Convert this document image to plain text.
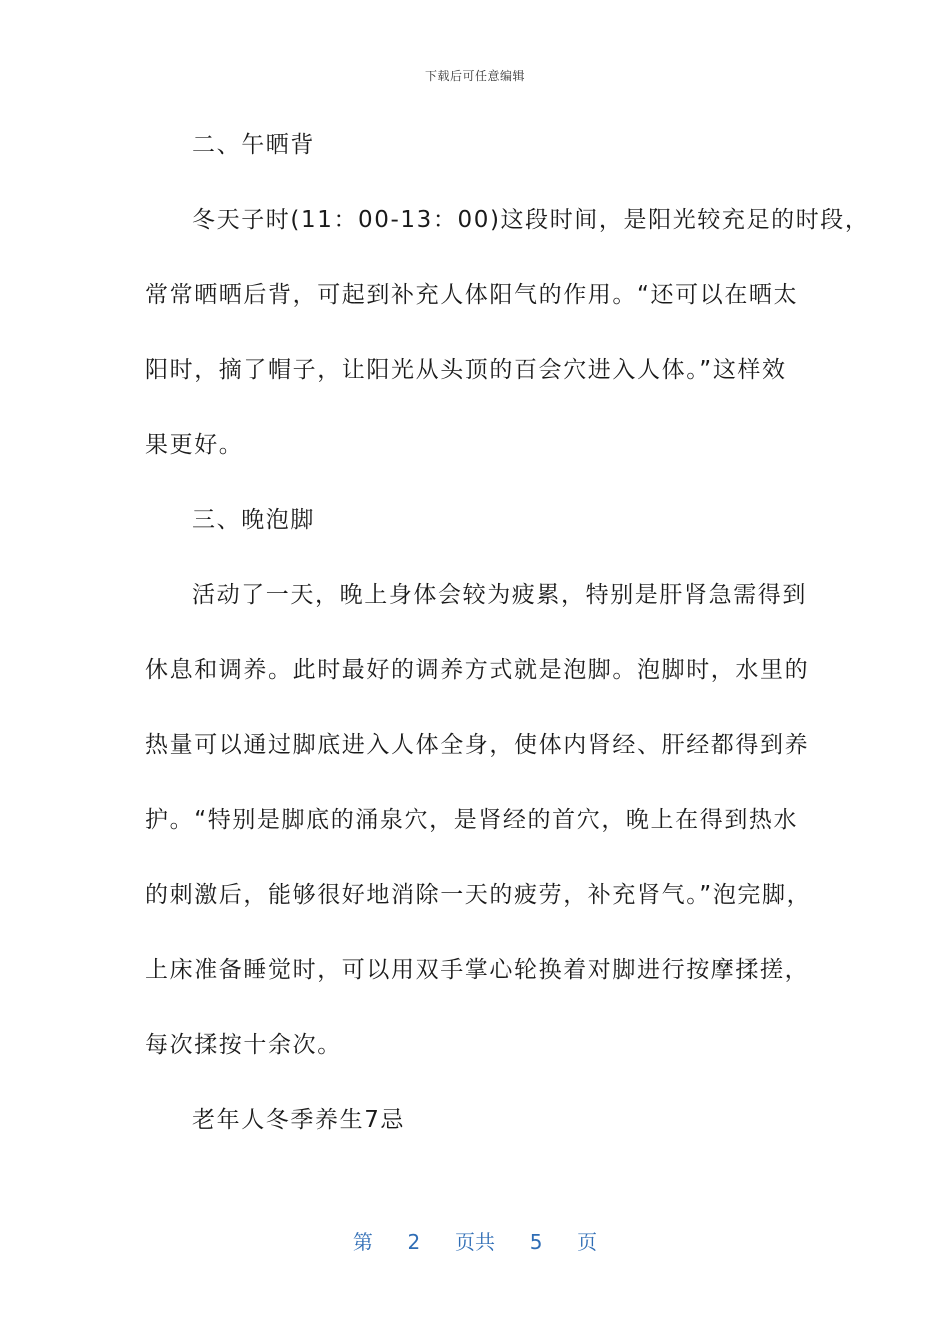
下载后可任意编辑
二、午晒背
冬天子时(11：00-13：00)这段时间，是阳光较充足的时段，
常常晒晒后背，可起到补充人体阳气的作用。“还可以在晒太
阳时，摘了帽子，让阳光从头顶的百会穴进入人体。”这样效
果更好。
三、晚泡脚
活动了一天，晚上身体会较为疲累，特别是肝肾急需得到
休息和调养。此时最好的调养方式就是泡脚。泡脚时，水里的
热量可以通过脚底进入人体全身，使体内肾经、肝经都得到养
护。“特别是脚底的涌泉穴，是肾经的首穴，晚上在得到热水
的刺激后，能够很好地消除一天的疲劳，补充肾气。”泡完脚，
上床准备睡觉时，可以用双手掌心轮换着对脚进行按摩揉搓，
每次揉按十余次。
老年人冬季养生7忌
第 2 页共 5 页
